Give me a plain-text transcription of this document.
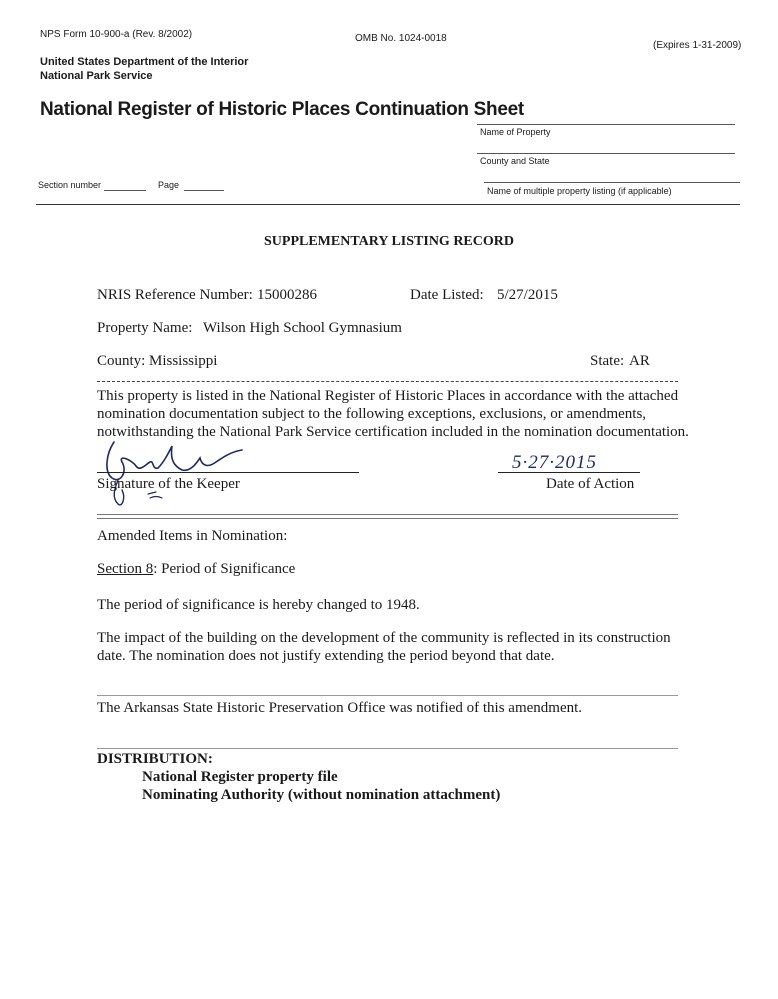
NPS Form 10-900-a (Rev. 8/2002)	OMB No. 1024-0018
(Expires 1-31-2009)
United States Department of the Interior
National Park Service
National Register of Historic Places Continuation Sheet
Name of Property
County and State
Name of multiple property listing (if applicable)
Section number	Page
SUPPLEMENTARY LISTING RECORD
NRIS Reference Number: 15000286	Date Listed: 5/27/2015
Property Name: Wilson High School Gymnasium
County: Mississippi	State: AR
This property is listed in the National Register of Historic Places in accordance with the attached
nomination documentation subject to the following exceptions, exclusions, or amendments,
notwithstanding the National Park Service certification included in the nomination documentation.
Signature of the Keeper
5·27·2015
Date of Action
Amended Items in Nomination:
Section 8: Period of Significance
The period of significance is hereby changed to 1948.
The impact of the building on the development of the community is reflected in its construction
date. The nomination does not justify extending the period beyond that date.
The Arkansas State Historic Preservation Office was notified of this amendment.
DISTRIBUTION:
National Register property file
Nominating Authority (without nomination attachment)
